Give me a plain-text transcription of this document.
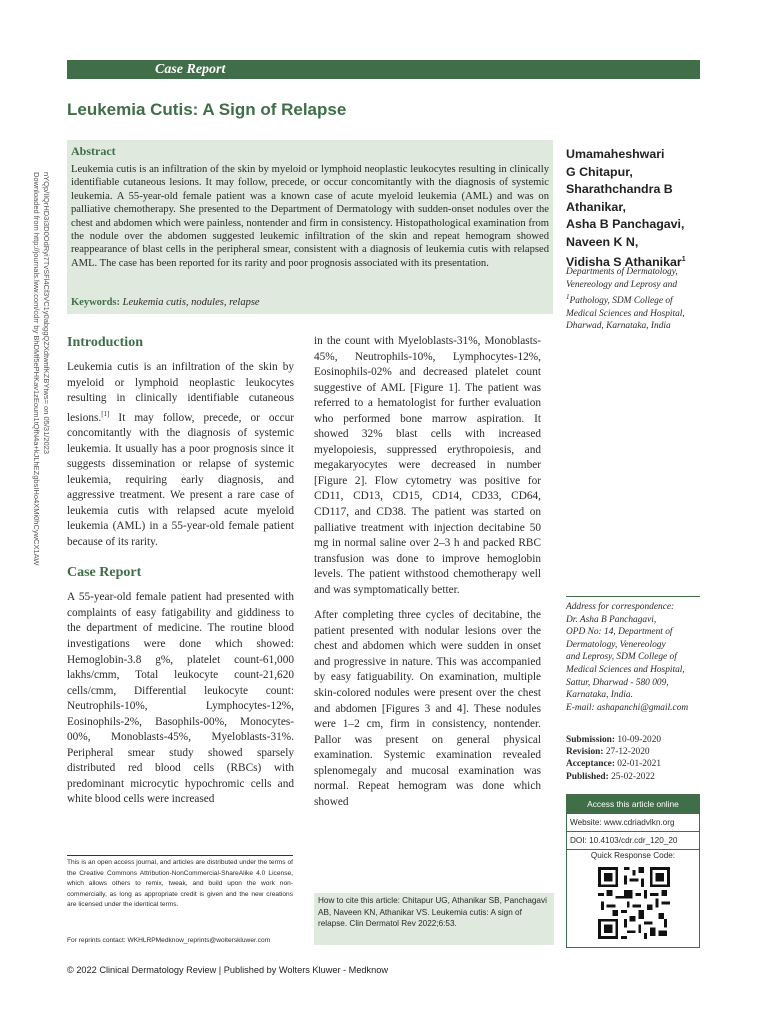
Case Report
Leukemia Cutis: A Sign of Relapse
Downloaded from http://journals.lww.com/cdrr by BhDMf5ePHKav1zEoum1tQfN4a+kJLhEZgbsIHo4XMi0hCywCX1AW nYQp/IlQrHD3i3D0OdRyi7TvSFl4Cf3VC1y0abggQZXdtwnfKZBYtws= on 05/31/2023
Abstract
Leukemia cutis is an infiltration of the skin by myeloid or lymphoid neoplastic leukocytes resulting in clinically identifiable cutaneous lesions. It may follow, precede, or occur concomitantly with the diagnosis of systemic leukemia. A 55-year-old female patient was a known case of acute myeloid leukemia (AML) and was on palliative chemotherapy. She presented to the Department of Dermatology with sudden-onset nodules over the chest and abdomen which were painless, nontender and firm in consistency. Histopathological examination from the nodule over the abdomen suggested leukemic infiltration of the skin and repeat hemogram showed reappearance of blast cells in the peripheral smear, consistent with a diagnosis of leukemia cutis with relapsed AML. The case has been reported for its rarity and poor prognosis associated with its presentation.
Keywords: Leukemia cutis, nodules, relapse
Umamaheshwari
G Chitapur,
Sharathchandra B
Athanikar,
Asha B Panchagavi,
Naveen K N,
Vidisha S Athanikar$^1$
Departments of Dermatology,
Venereology and Leprosy and
$^1$Pathology, SDM College of
Medical Sciences and Hospital,
Dharwad, Karnataka, India
Introduction

Leukemia cutis is an infiltration of the skin by myeloid or lymphoid neoplastic leukocytes resulting in clinically identifiable cutaneous lesions.[1] It may follow, precede, or occur concomitantly with the diagnosis of systemic leukemia. It usually has a poor prognosis since it suggests dissemination or relapse of systemic leukemia, requiring early diagnosis, and aggressive treatment. We present a rare case of leukemia cutis with relapsed acute myeloid leukemia (AML) in a 55-year-old female patient because of its rarity.

Case Report

A 55-year-old female patient had presented with complaints of easy fatigability and giddiness to the department of medicine. The routine blood investigations were done which showed: Hemoglobin-3.8 g%, platelet count-61,000 lakhs/cmm, Total leukocyte count-21,620 cells/cmm, Differential leukocyte count: Neutrophils-10%, Lymphocytes-12%, Eosinophils-2%, Basophils-00%, Monocytes-00%, Monoblasts-45%, Myeloblasts-31%. Peripheral smear study showed sparsely distributed red blood cells (RBCs) with predominant microcytic hypochromic cells and white blood cells were increased

in the count with Myeloblasts-31%, Monoblasts-45%, Neutrophils-10%, Lymphocytes-12%, Eosinophils-02% and decreased platelet count suggestive of AML [Figure 1]. The patient was referred to a hematologist for further evaluation who performed bone marrow aspiration. It showed 32% blast cells with increased myelopoiesis, suppressed erythropoiesis, and megakaryocytes were decreased in number [Figure 2]. Flow cytometry was positive for CD11, CD13, CD15, CD14, CD33, CD64, CD117, and CD38. The patient was started on palliative treatment with injection decitabine 50 mg in normal saline over 2–3 h and packed RBC transfusion was done to improve hemoglobin levels. The patient withstood chemotherapy well and was symptomatically better.

After completing three cycles of decitabine, the patient presented with nodular lesions over the chest and abdomen which were sudden in onset and progressive in nature. This was accompanied by easy fatiguability. On examination, multiple skin-colored nodules were present over the chest and abdomen [Figures 3 and 4]. These nodules were 1–2 cm, firm in consistency, nontender. Pallor was present on general physical examination. Systemic examination revealed splenomegaly and mucosal examination was normal. Repeat hemogram was done which showed

This is an open access journal, and articles are distributed under the terms of the Creative Commons Attribution-NonCommercial-ShareAlike 4.0 License, which allows others to remix, tweak, and build upon the work non-commercially, as long as appropriate credit is given and the new creations are licensed under the identical terms.
For reprints contact: WKHLRPMedknow_reprints@wolterskluwer.com
How to cite this article: Chitapur UG, Athanikar SB, Panchagavi AB, Naveen KN, Athanikar VS. Leukemia cutis: A sign of relapse. Clin Dermatol Rev 2022;6:53.
Address for correspondence:
Dr. Asha B Panchagavi,
OPD No: 14, Department of
Dermatology, Venereology
and Leprosy, SDM College of
Medical Sciences and Hospital,
Sattur, Dharwad - 580 009,
Karnataka, India.
E-mail: ashapanchi@gmail.com
Submission: 10-09-2020
Revision: 27-12-2020
Acceptance: 02-01-2021
Published: 25-02-2022
Access this article online
Website: www.cdriadvlkn.org
DOI: 10.4103/cdr.cdr_120_20
Quick Response Code:
© 2022 Clinical Dermatology Review | Published by Wolters Kluwer - Medknow
